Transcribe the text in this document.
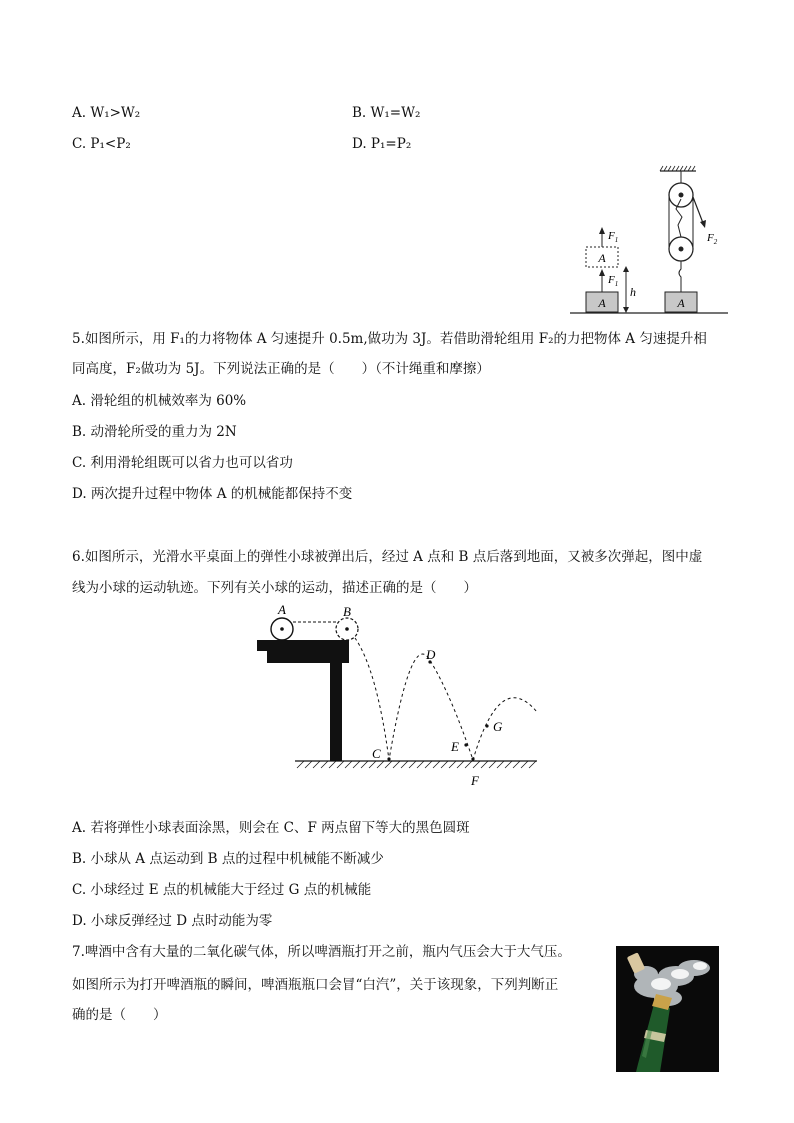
A. W₁>W₂	B. W₁=W₂
C. P₁<P₂	D. P₁=P₂
A
$F_1$
A
$F_1$
h
$F_2$
A
5.如图所示，用 F₁的力将物体 A 匀速提升 0.5m,做功为 3J。若借助滑轮组用 F₂的力把物体 A 匀速提升相
同高度，F₂做功为 5J。下列说法正确的是（　　）（不计绳重和摩擦）
A. 滑轮组的机械效率为 60%
B. 动滑轮所受的重力为 2N
C. 利用滑轮组既可以省力也可以省功
D. 两次提升过程中物体 A 的机械能都保持不变
6.如图所示，光滑水平桌面上的弹性小球被弹出后，经过 A 点和 B 点后落到地面，又被多次弹起，图中虚
线为小球的运动轨迹。下列有关小球的运动，描述正确的是（　　）
A	B
C
D
E
F
G
A. 若将弹性小球表面涂黑，则会在 C、F 两点留下等大的黑色圆斑
B. 小球从 A 点运动到 B 点的过程中机械能不断减少
C. 小球经过 E 点的机械能大于经过 G 点的机械能
D. 小球反弹经过 D 点时动能为零
7.啤酒中含有大量的二氧化碳气体，所以啤酒瓶打开之前，瓶内气压会大于大气压。
如图所示为打开啤酒瓶的瞬间，啤酒瓶瓶口会冒“白汽”，关于该现象，下列判断正
确的是（　　）
